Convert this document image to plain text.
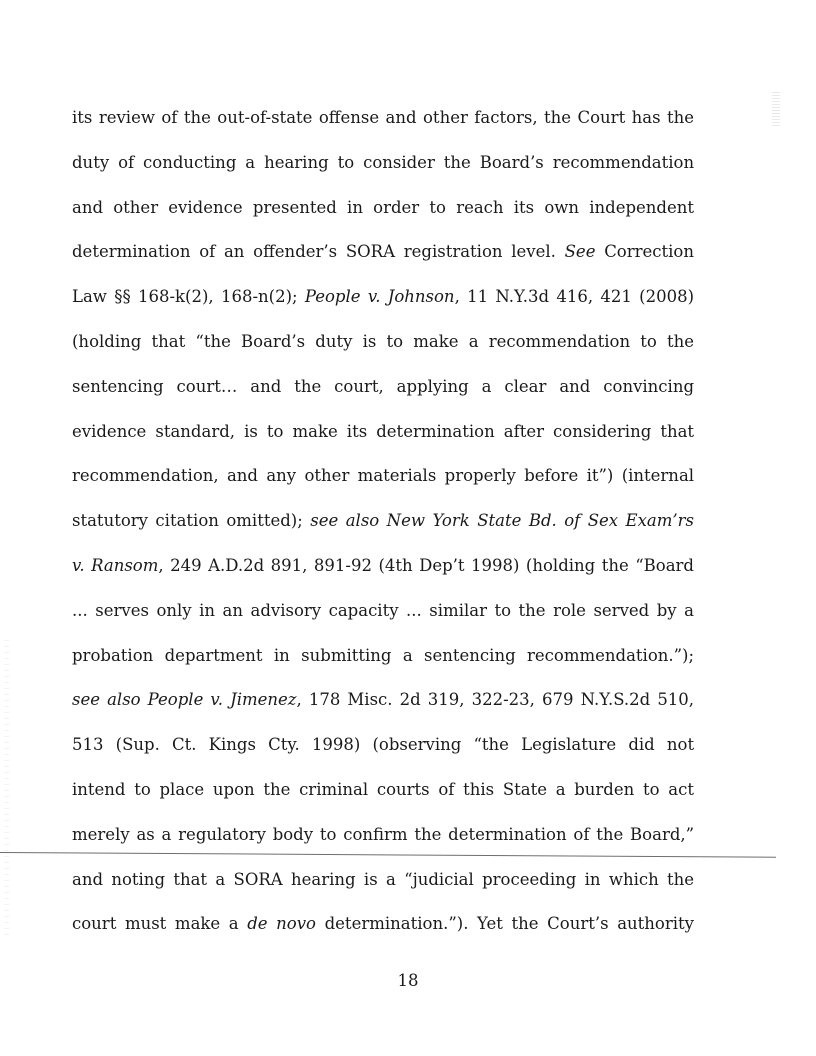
its review of the out-of-state offense and other factors, the Court has the
duty of conducting a hearing to consider the Board’s recommendation
and other evidence presented in order to reach its own independent
determination of an offender’s SORA registration level. See Correction
Law §§ 168-k(2), 168-n(2); People v. Johnson, 11 N.Y.3d 416, 421 (2008)
(holding that “the Board’s duty is to make a recommendation to the
sentencing court… and the court, applying a clear and convincing
evidence standard, is to make its determination after considering that
recommendation, and any other materials properly before it”) (internal
statutory citation omitted); see also New York State Bd. of Sex Exam’rs
v. Ransom, 249 A.D.2d 891, 891-92 (4th Dep’t 1998) (holding the “Board
... serves only in an advisory capacity ... similar to the role served by a
probation department in submitting a sentencing recommendation.”);
see also People v. Jimenez, 178 Misc. 2d 319, 322-23, 679 N.Y.S.2d 510,
513 (Sup. Ct. Kings Cty. 1998) (observing “the Legislature did not
intend to place upon the criminal courts of this State a burden to act
merely as a regulatory body to confirm the determination of the Board,”
and noting that a SORA hearing is a “judicial proceeding in which the
court must make a de novo determination.”). Yet the Court’s authority
18
